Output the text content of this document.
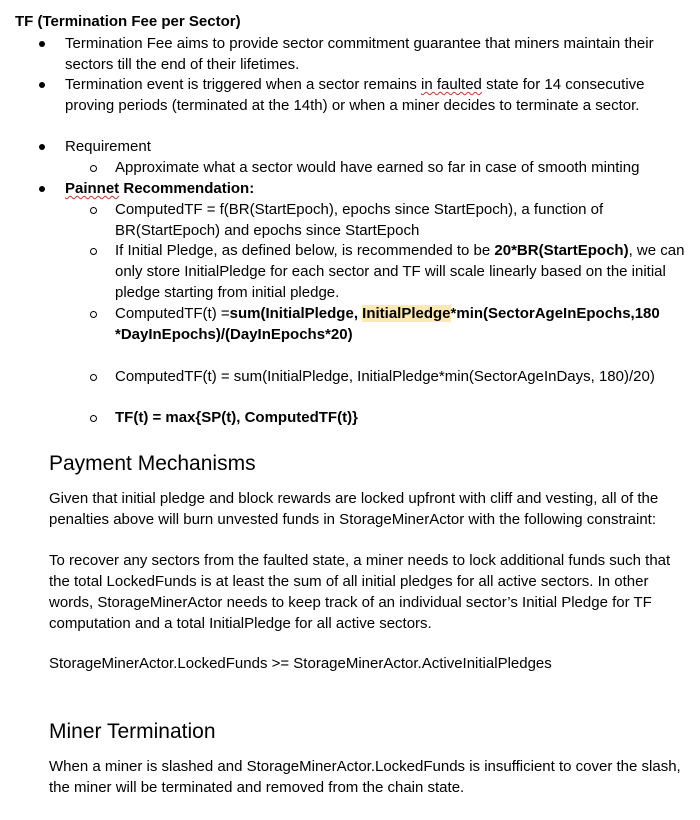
TF (Termination Fee per Sector)
Termination Fee aims to provide sector commitment guarantee that miners maintain their sectors till the end of their lifetimes.
Termination event is triggered when a sector remains in faulted state for 14 consecutive proving periods (terminated at the 14th) or when a miner decides to terminate a sector.
Requirement
Approximate what a sector would have earned so far in case of smooth minting
Painnet Recommendation:
ComputedTF = f(BR(StartEpoch), epochs since StartEpoch), a function of BR(StartEpoch) and epochs since StartEpoch
If Initial Pledge, as defined below, is recommended to be 20*BR(StartEpoch), we can only store InitialPledge for each sector and TF will scale linearly based on the initial pledge starting from initial pledge.
ComputedTF(t) =sum(InitialPledge, InitialPledge*min(SectorAgeInEpochs,180*DayInEpochs)/(DayInEpochs*20)
ComputedTF(t) = sum(InitialPledge, InitialPledge*min(SectorAgeInDays, 180)/20)
TF(t) = max{SP(t), ComputedTF(t)}
Payment Mechanisms
Given that initial pledge and block rewards are locked upfront with cliff and vesting, all of the penalties above will burn unvested funds in StorageMinerActor with the following constraint:
To recover any sectors from the faulted state, a miner needs to lock additional funds such that the total LockedFunds is at least the sum of all initial pledges for all active sectors. In other words, StorageMinerActor needs to keep track of an individual sector’s Initial Pledge for TF computation and a total InitialPledge for all active sectors.
StorageMinerActor.LockedFunds >= StorageMinerActor.ActiveInitialPledges
Miner Termination
When a miner is slashed and StorageMinerActor.LockedFunds is insufficient to cover the slash, the miner will be terminated and removed from the chain state.
